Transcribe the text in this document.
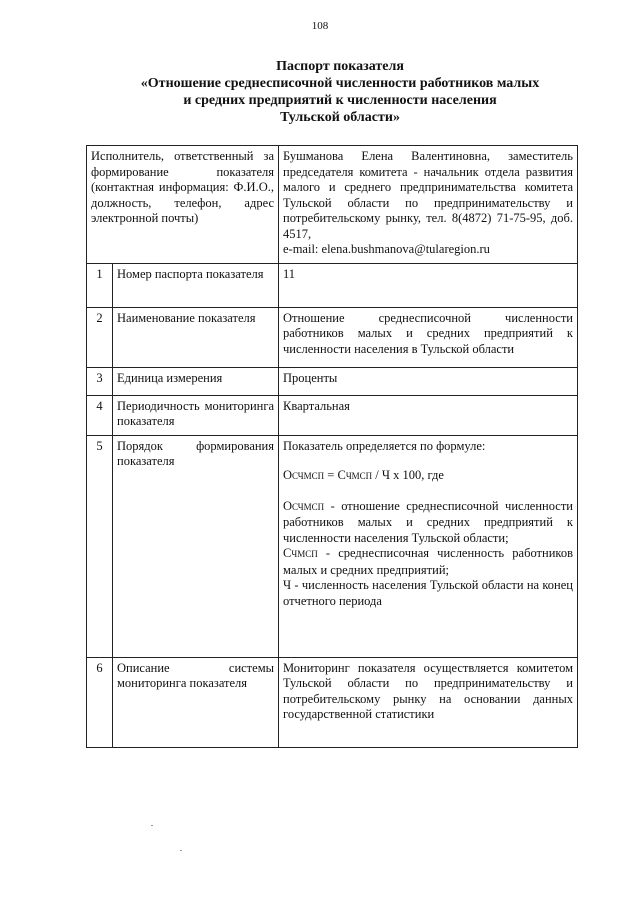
108
Паспорт показателя
«Отношение среднесписочной численности работников малых
и средних предприятий к численности населения
Тульской области»

Исполнитель, ответственный за формирование показателя (контактная информация: Ф.И.О., должность, телефон, адрес электронной почты)		Бушманова Елена Валентиновна, заместитель председателя комитета - начальник отдела развития малого и среднего предпринимательства комитета Тульской области по предпринимательству и потребительскому рынку, тел. 8(4872) 71-75-95, доб. 4517,

e-mail: elena.bushmanova@tularegion.ru

1	Номер паспорта показателя	11
2	Наименование показателя	Отношение среднесписочной численности работников малых и средних предприятий к численности населения в Тульской области
3	Единица измерения	Проценты
4	Периодичность мониторинга показателя	Квартальная
5	Порядок формирования показателя	Показатель определяется по формуле:

ОСЧМСП = СЧМСП / Ч х 100, где

ОСЧМСП - отношение среднесписочной численности работников малых и средних предприятий к численности населения Тульской области;

СЧМСП - среднесписочная численность работников малых и средних предприятий;

Ч - численность населения Тульской области на конец отчетного периода

6	Описание системы мониторинга показателя	Мониторинг показателя осуществляется комитетом Тульской области по предпринимательству и потребительскому рынку на основании данных государственной статистики
